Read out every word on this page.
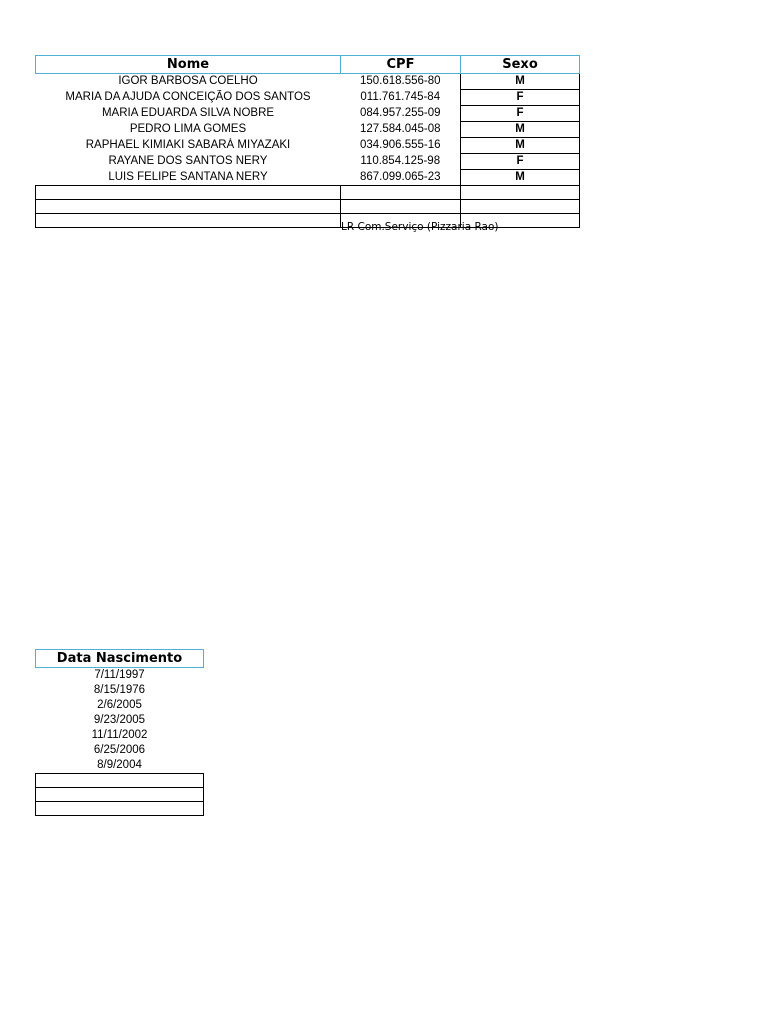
Nome	CPF	Sexo
IGOR BARBOSA COELHO	150.618.556-80	M
MARIA DA AJUDA CONCEIÇÃO DOS SANTOS	011.761.745-84	F
MARIA EDUARDA SILVA NOBRE	084.957.255-09	F
PEDRO LIMA GOMES	127.584.045-08	M
RAPHAEL KIMIAKI SABARÁ MIYAZAKI	034.906.555-16	M
RAYANE DOS SANTOS NERY	110.854.125-98	F
LUIS FELIPE SANTANA NERY	867.099.065-23	M

LR Com.Serviço (Pizzaria Rao)
Data Nascimento
7/11/1997
8/15/1976
2/6/2005
9/23/2005
11/11/2002
6/25/2006
8/9/2004
